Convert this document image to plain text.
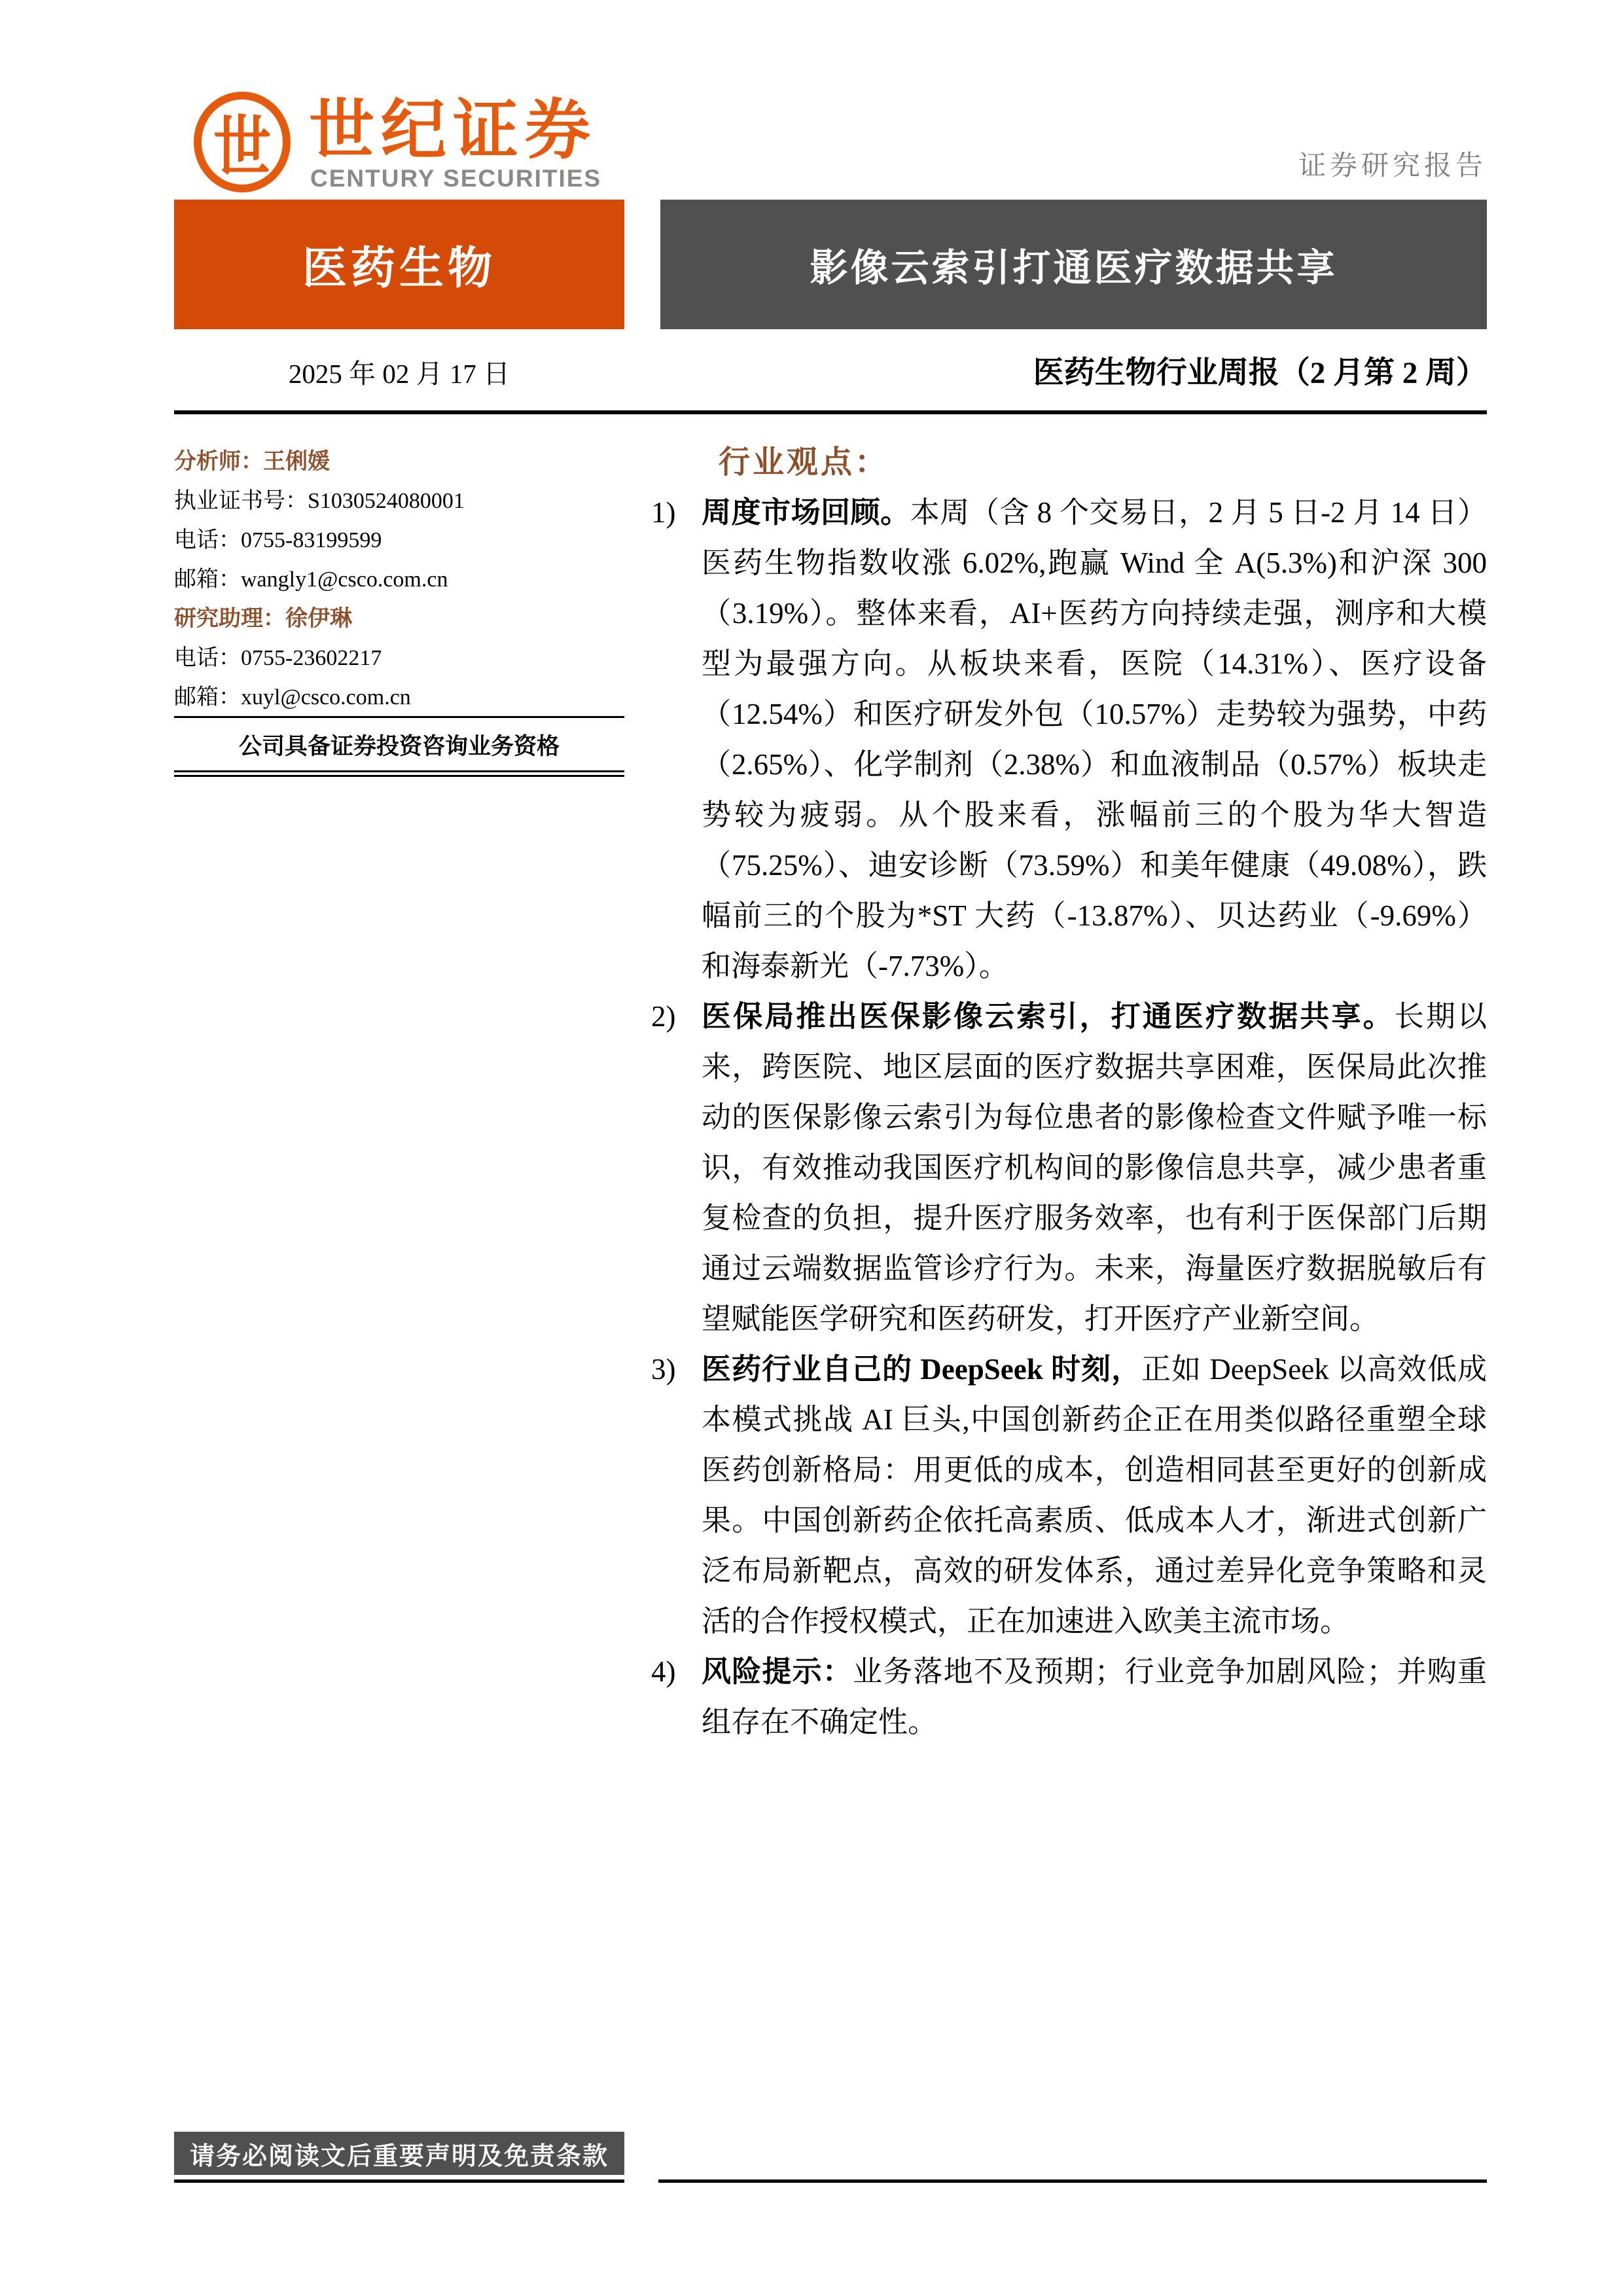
世 世纪证券
CENTURY SECURITIES	证券研究报告
医药生物	影像云索引打通医疗数据共享
2025 年 02 月 17 日	医药生物行业周报（2 月第 2 周）
分析师：王俐媛
执业证书号：S1030524080001
电话：0755-83199599
邮箱：wangly1@csco.com.cn
研究助理：徐伊琳
电话：0755-23602217
邮箱：xuyl@csco.com.cn
公司具备证券投资咨询业务资格
行业观点：
1) 周度市场回顾。本周（含 8 个交易日，2 月 5 日-2 月 14 日）医药生物指数收涨 6.02%,跑赢 Wind 全 A(5.3%)和沪深 300（3.19%）。整体来看，AI+医药方向持续走强，测序和大模型为最强方向。从板块来看，医院（14.31%）、医疗设备（12.54%）和医疗研发外包（10.57%）走势较为强势，中药（2.65%）、化学制剂（2.38%）和血液制品（0.57%）板块走势较为疲弱。从个股来看，涨幅前三的个股为华大智造（75.25%）、迪安诊断（73.59%）和美年健康（49.08%），跌幅前三的个股为*ST 大药（-13.87%）、贝达药业（-9.69%）和海泰新光（-7.73%）。
2) 医保局推出医保影像云索引，打通医疗数据共享。长期以来，跨医院、地区层面的医疗数据共享困难，医保局此次推动的医保影像云索引为每位患者的影像检查文件赋予唯一标识，有效推动我国医疗机构间的影像信息共享，减少患者重复检查的负担，提升医疗服务效率，也有利于医保部门后期通过云端数据监管诊疗行为。未来，海量医疗数据脱敏后有望赋能医学研究和医药研发，打开医疗产业新空间。
3) 医药行业自己的 DeepSeek 时刻，正如 DeepSeek 以高效低成本模式挑战 AI 巨头,中国创新药企正在用类似路径重塑全球医药创新格局：用更低的成本，创造相同甚至更好的创新成果。中国创新药企依托高素质、低成本人才，渐进式创新广泛布局新靶点，高效的研发体系，通过差异化竞争策略和灵活的合作授权模式，正在加速进入欧美主流市场。
4) 风险提示：业务落地不及预期；行业竞争加剧风险；并购重组存在不确定性。
请务必阅读文后重要声明及免责条款
